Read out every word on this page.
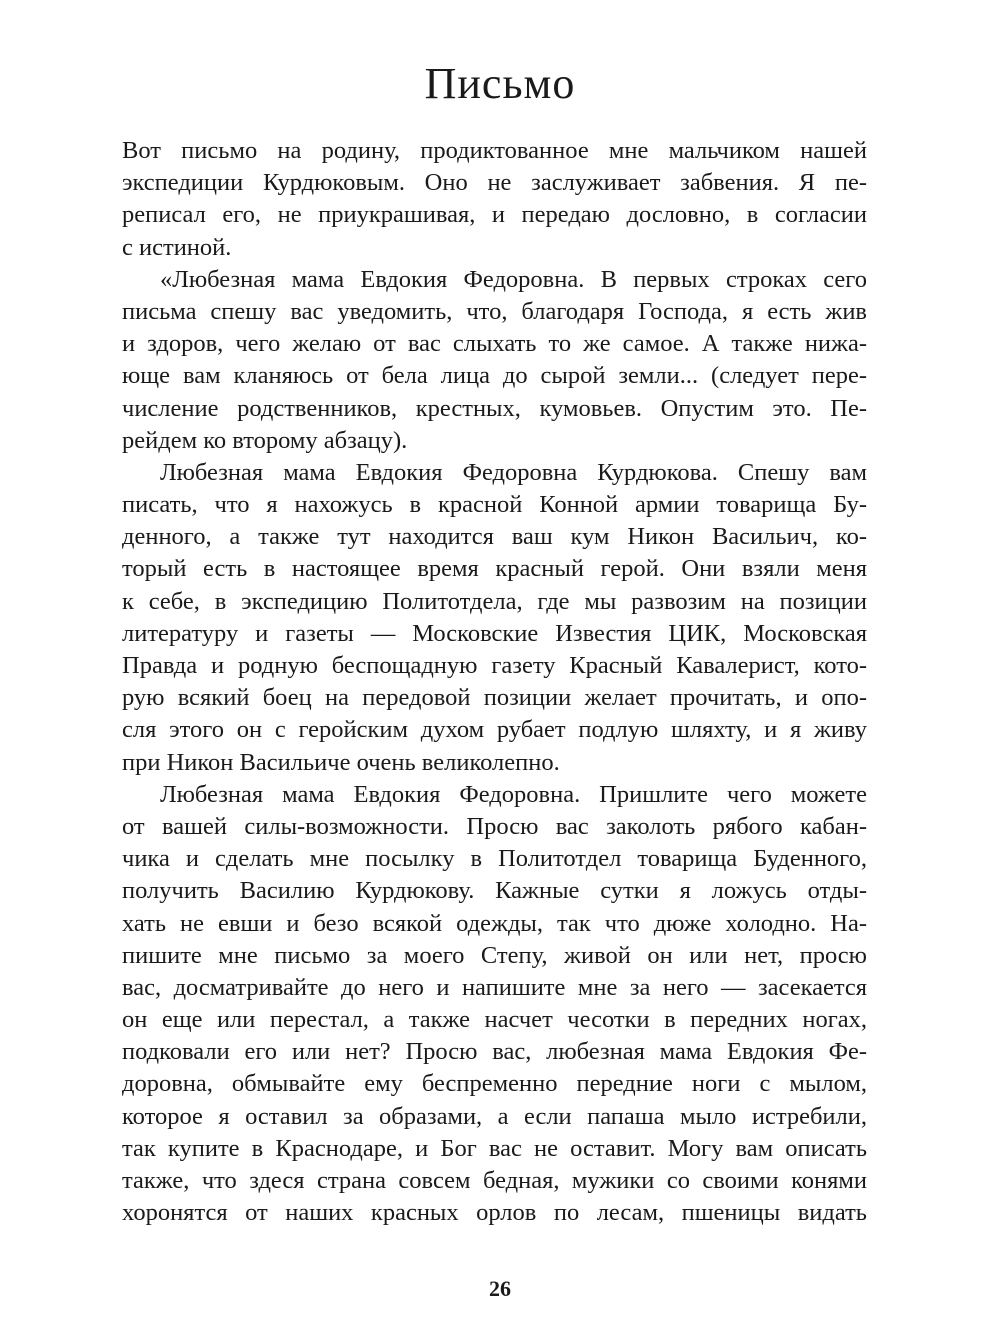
Письмо
Вот письмо на родину, продиктованное мне мальчиком нашей
экспедиции Курдюковым. Оно не заслуживает забвения. Я пе-
реписал его, не приукрашивая, и передаю дословно, в согласии
с истиной.
«Любезная мама Евдокия Федоровна. В первых строках сего
письма спешу вас уведомить, что, благодаря Господа, я есть жив
и здоров, чего желаю от вас слыхать то же самое. А также нижа-
юще вам кланяюсь от бела лица до сырой земли... (следует пере-
числение родственников, крестных, кумовьев. Опустим это. Пе-
рейдем ко второму абзацу).
Любезная мама Евдокия Федоровна Курдюкова. Спешу вам
писать, что я нахожусь в красной Конной армии товарища Бу-
денного, а также тут находится ваш кум Никон Васильич, ко-
торый есть в настоящее время красный герой. Они взяли меня
к себе, в экспедицию Политотдела, где мы развозим на позиции
литературу и газеты — Московские Известия ЦИК, Московская
Правда и родную беспощадную газету Красный Кавалерист, кото-
рую всякий боец на передовой позиции желает прочитать, и опо-
сля этого он с геройским духом рубает подлую шляхту, и я живу
при Никон Васильиче очень великолепно.
Любезная мама Евдокия Федоровна. Пришлите чего можете
от вашей силы-возможности. Просю вас заколоть рябого кабан-
чика и сделать мне посылку в Политотдел товарища Буденного,
получить Василию Курдюкову. Кажные сутки я ложусь отды-
хать не евши и безо всякой одежды, так что дюже холодно. На-
пишите мне письмо за моего Степу, живой он или нет, просю
вас, досматривайте до него и напишите мне за него — засекается
он еще или перестал, а также насчет чесотки в передних ногах,
подковали его или нет? Просю вас, любезная мама Евдокия Фе-
доровна, обмывайте ему беспременно передние ноги с мылом,
которое я оставил за образами, а если папаша мыло истребили,
так купите в Краснодаре, и Бог вас не оставит. Могу вам описать
также, что здеся страна совсем бедная, мужики со своими конями
хоронятся от наших красных орлов по лесам, пшеницы видать
26
